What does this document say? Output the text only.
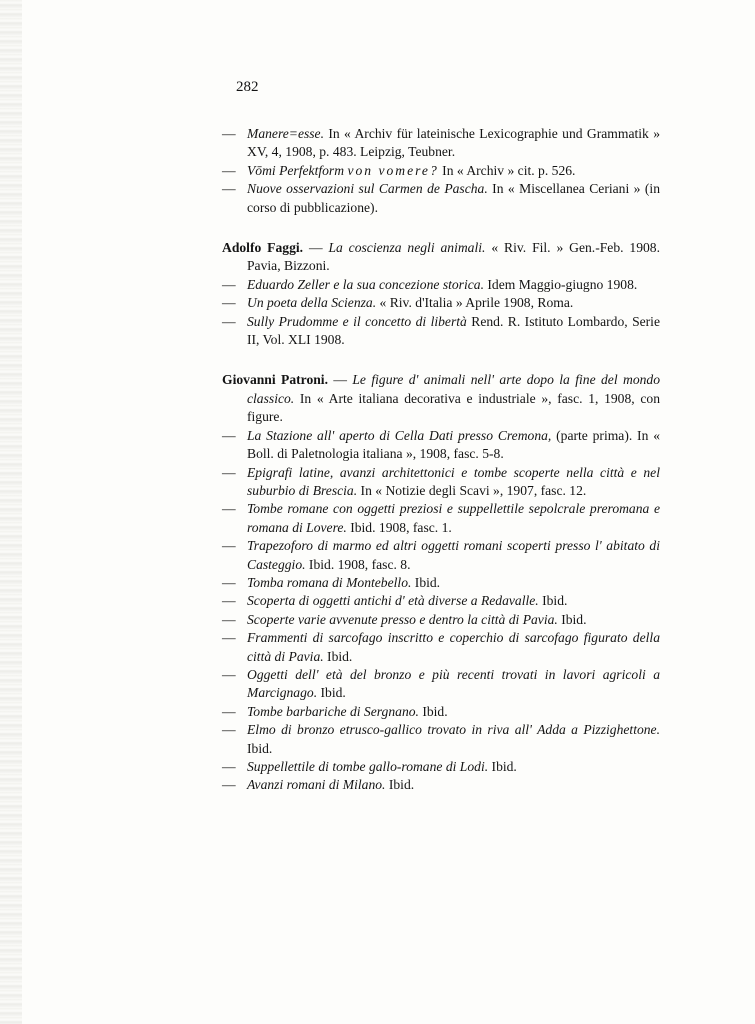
282
— Manere=esse. In « Archiv für lateinische Lexicographie und Grammatik » XV, 4, 1908, p. 483. Leipzig, Teubner.
— Vōmi Perfektform von vomere? In « Archiv » cit. p. 526.
— Nuove osservazioni sul Carmen de Pascha. In « Miscellanea Ceriani » (in corso di pubblicazione).
Adolfo Faggi. — La coscienza negli animali. « Riv. Fil. » Gen.-Feb. 1908. Pavia, Bizzoni.
— Eduardo Zeller e la sua concezione storica. Idem Maggio-giugno 1908.
— Un poeta della Scienza. « Riv. d'Italia » Aprile 1908, Roma.
— Sully Prudomme e il concetto di libertà Rend. R. Istituto Lombardo, Serie II, Vol. XLI 1908.
Giovanni Patroni. — Le figure d' animali nell' arte dopo la fine del mondo classico. In « Arte italiana decorativa e industriale », fasc. 1, 1908, con figure.
— La Stazione all' aperto di Cella Dati presso Cremona, (parte prima). In « Boll. di Paletnologia italiana », 1908, fasc. 5-8.
— Epigrafi latine, avanzi architettonici e tombe scoperte nella città e nel suburbio di Brescia. In « Notizie degli Scavi », 1907, fasc. 12.
— Tombe romane con oggetti preziosi e suppellettile sepolcrale preromana e romana di Lovere. Ibid. 1908, fasc. 1.
— Trapezoforo di marmo ed altri oggetti romani scoperti presso l' abitato di Casteggio. Ibid. 1908, fasc. 8.
— Tomba romana di Montebello. Ibid.
— Scoperta di oggetti antichi d' età diverse a Redavalle. Ibid.
— Scoperte varie avvenute presso e dentro la città di Pavia. Ibid.
— Frammenti di sarcofago inscritto e coperchio di sarcofago figurato della città di Pavia. Ibid.
— Oggetti dell' età del bronzo e più recenti trovati in lavori agricoli a Marcignago. Ibid.
— Tombe barbariche di Sergnano. Ibid.
— Elmo di bronzo etrusco-gallico trovato in riva all' Adda a Pizzighettone. Ibid.
— Suppellettile di tombe gallo-romane di Lodi. Ibid.
— Avanzi romani di Milano. Ibid.
